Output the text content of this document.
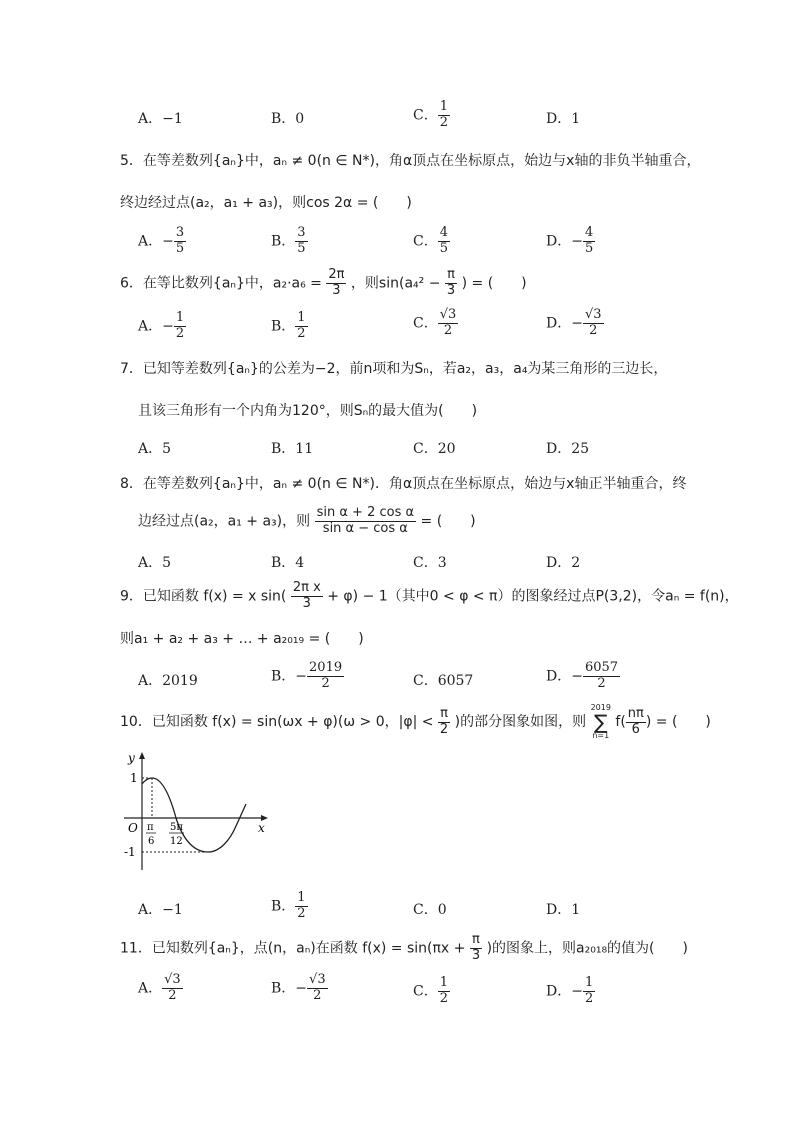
A．−1	B．0	C． $\frac{1}{2}$	D．1
5．在等差数列{aₙ}中，aₙ ≠ 0(n ∈ N*)，角α顶点在坐标原点，始边与x轴的非负半轴重合，
终边经过点(a₂，a₁ + a₃)，则cos 2α = (　　)
A．− $\frac{3}{5}$	B． $\frac{3}{5}$	C． $\frac{4}{5}$	D．− $\frac{4}{5}$
6．在等比数列{aₙ}中，$a_2\cdot a_6 = \frac{2\pi}{3}$ ，则$\sin(a_4^2 - \frac{\pi}{3}$ ) = (　　)
A．− $\frac{1}{2}$	B． $\frac{1}{2}$	C． $\frac{√3}{2}$	D．− $\frac{√3}{2}$
7．已知等差数列{aₙ}的公差为−2，前n项和为Sₙ，若a₂，a₃，a₄为某三角形的三边长，
且该三角形有一个内角为120°，则Sₙ的最大值为(　　)
A．5	B．11	C．20	D．25
8．在等差数列{aₙ}中，aₙ ≠ 0(n ∈ N*)．角α顶点在坐标原点，始边与x轴正半轴重合，终
边经过点(a₂，a₁ + a₃)，则 $\frac{\text{sin α + 2 cos α}}{\text{sin α − cos α}}$ = (　　)
A．5	B．4	C．3	D．2
9．已知函数 f(x) = x $\sin( \frac{\text{2π x}}{3} + \varphi) - 1$（其中0 < φ < π）的图象经过点P(3,2)，令aₙ = f(n)，
则a₁ + a₂ + a₃ + … + a₂₀₁₉ = (　　)
A．2019	B．− $\frac{2019}{2}$	C．6057	D．− $\frac{6057}{2}$
10．已知函数 f(x) = sin(ωx + φ)(ω > 0，$|\varphi| < \frac{\pi}{2}$ )的部分图象如图，则
2019
∑
n=1
$f( \frac{n\pi}{6}$ ) = (　　)
y
x
O
1
-1
π
6
5π
12
A．−1	B． $\frac{1}{2}$	C．0	D．1
11．已知数列{aₙ}，点(n，aₙ)在函数 $f(x) = \sin(\pi x + \frac{\pi}{3}$ )的图象上，则a₂₀₁₈的值为(　　)
A． $\frac{√3}{2}$	B．− $\frac{√3}{2}$	C． $\frac{1}{2}$	D．− $\frac{1}{2}$
